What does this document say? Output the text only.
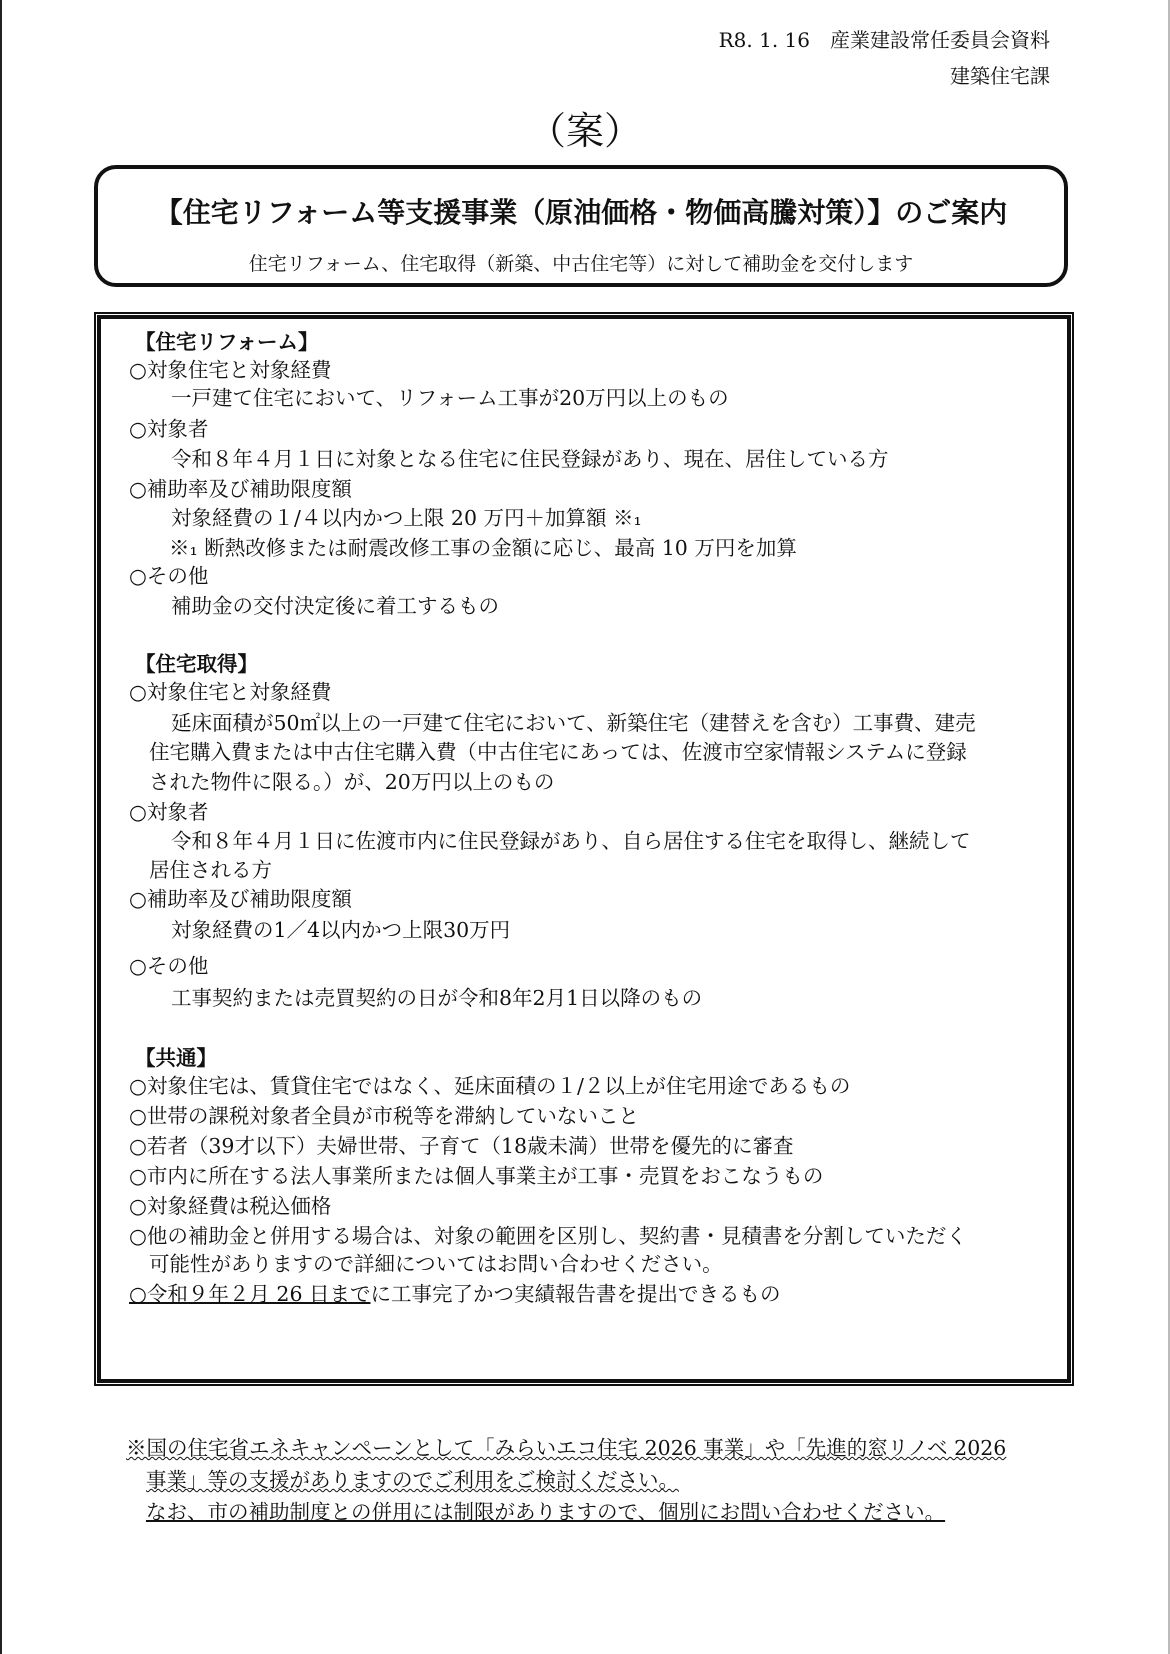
R8. 1. 16　産業建設常任委員会資料
建築住宅課
（案）
【住宅リフォーム等支援事業（原油価格・物価高騰対策）】のご案内
住宅リフォーム、住宅取得（新築、中古住宅等）に対して補助金を交付します
【住宅リフォーム】
○対象住宅と対象経費
一戸建て住宅において、リフォーム工事が20万円以上のもの
○対象者
令和８年４月１日に対象となる住宅に住民登録があり、現在、居住している方
○補助率及び補助限度額
対象経費の１/４以内かつ上限 20 万円＋加算額 ※₁
※₁ 断熱改修または耐震改修工事の金額に応じ、最高 10 万円を加算
○その他
補助金の交付決定後に着工するもの
【住宅取得】
○対象住宅と対象経費
延床面積が50㎡以上の一戸建て住宅において、新築住宅（建替えを含む）工事費、建売
住宅購入費または中古住宅購入費（中古住宅にあっては、佐渡市空家情報システムに登録
された物件に限る。）が、20万円以上のもの
○対象者
令和８年４月１日に佐渡市内に住民登録があり、自ら居住する住宅を取得し、継続して
居住される方
○補助率及び補助限度額
対象経費の1／4以内かつ上限30万円
○その他
工事契約または売買契約の日が令和8年2月1日以降のもの
【共通】
○対象住宅は、賃貸住宅ではなく、延床面積の１/２以上が住宅用途であるもの
○世帯の課税対象者全員が市税等を滞納していないこと
○若者（39才以下）夫婦世帯、子育て（18歳未満）世帯を優先的に審査
○市内に所在する法人事業所または個人事業主が工事・売買をおこなうもの
○対象経費は税込価格
○他の補助金と併用する場合は、対象の範囲を区別し、契約書・見積書を分割していただく
可能性がありますので詳細についてはお問い合わせください。
○令和９年２月 26 日までに工事完了かつ実績報告書を提出できるもの
※国の住宅省エネキャンペーンとして「みらいエコ住宅 2026 事業」や「先進的窓リノベ 2026
事業」等の支援がありますのでご利用をご検討ください。
なお、市の補助制度との併用には制限がありますので、個別にお問い合わせください。
